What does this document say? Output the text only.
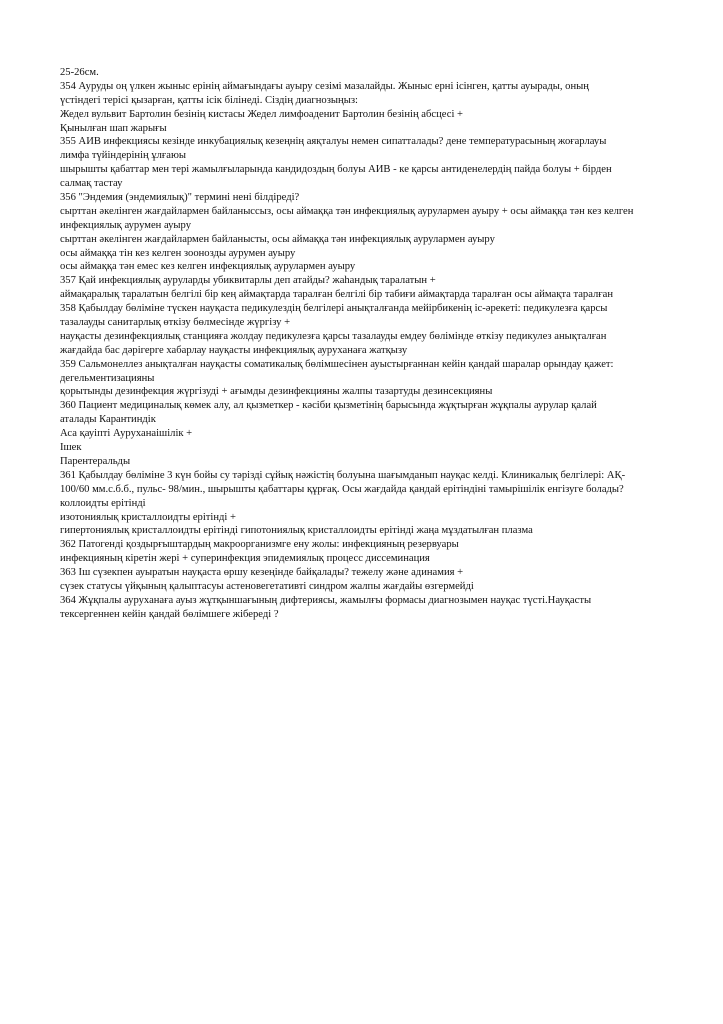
25-26см.
354 Ауруды оң үлкен жыныс ерінің аймағындағы ауыру сезімі мазалайды. Жыныс ерні ісінген, қатты ауырады, оның
үстіндегі терісі қызарған, қатты ісік біліне​ді. Сіздің диагнозыңыз:
Жедел вульвит Бартолин безінің кистасы Жедел лимфоаденит Бартолин безінің абсцесі +
Қынылған шап жарығы
355 АИВ инфекциясы кезінде инкубациялық кезеңнің аяқталуы немен сипатталады? дене температурасының жоғарлауы
лимфа түйіндерінің ұлғаюы
шырышты қабаттар мен тері жамылғыларында кандидоздың болуы АИВ - ке қарсы антиденелердің пайда болуы + бірден
салмақ тастау
356 "Эндемия (эндемиялық)" терминi нені білдіреді?
сырттан әкелінген жағдайлармен байланыссыз, осы аймаққа тән инфекциялық аурулармен ауыру + осы аймаққа тән кез келген
инфекциялық аурумен ауыру
сырттан әкелінген жағдайлармен байланысты, осы аймаққа тән инфекциялық аурулармен ауыру
осы аймаққа тін кез келген зоонозды аурумен ауыру
осы аймаққа тән емес кез келген инфекциялық аурулармен ауыру
357 Қай инфекциялық ауруларды убиквитарлы деп атайды? жаһандық таралатын +
аймақаралық таралатын белгілі бір кең аймақтарда таралған белгілі бір табиғи аймақтарда таралған осы аймақта таралған
358 Қабылдау бөліміне түскен науқаста педикулездің белгілері анықталғанда мейірбикенің іс-әрекеті: педикулезға қарсы
тазалауды санитарлық өткізу бөлмесінде жүргізу +
науқасты дезинфекциялық станцияға жолдау педикулезға қарсы тазалауды емдеу бөлімінде өткізу педикулез анықталған
жағдайда бас дәрігерге хабарлау науқасты инфекциялық ауруханаға жатқызу
359 Сальмонеллез анықталған науқасты соматикалық бөлімшесінен ауыстырғаннан кейін қандай шаралар орындау қажет:
дегельментизацияны
қорытынды дезинфекция жүргізуді + ағымды дезинфекцияны жалпы тазартуды дезинсекцияны
360 Пациент медициналық көмек алу, ал қызметкер - кәсіби қызметінің барысында жұқтырған жұқпалы аурулар қалай
аталады Карантиндік
Аса қауіпті Ауруханаішілік +
Ішек
Парентеральды
361 Қабылдау бөлiмiне 3 күн бойы су тәрiздi сұйық нәжiстiң болуына шағымданып науқас келдi. Клиникалық белгiлерi: АҚ-
100/60 мм.с.б.б., пульс- 98/мин., шырышты қабаттары құрғақ. Осы жағдайда қандай ерітіндіні тамырішілік енгізуге болады?
коллоидты ерітінді
изотониялық кристаллоидты ерітінді +
гипертониялық кристаллоидты ерітінді гипотониялық кристаллоидты ерітінді жаңа мұздатылған плазма
362 Патогенді қоздырғыштардың макроорганизмге ену жолы: инфекцияның резервуары
инфекцияның кіретін жері + суперинфекция эпидемиялық процесс диссеминация
363 Іш сүзекпен ауыратын науқаста өршу кезеңінде байқалады? тежелу және адинамия +
сүзек статусы үйқының қалыптасуы астеновегетативті синдром жалпы жағдайы өзгермейді
364 Жұқпалы ауруханаға ауыз жұтқыншағының дифтериясы, жамылғы формасы диагнозымен науқас түсті.Науқасты
тексергеннен кейін қандай бөлімшеге жібереді ?
